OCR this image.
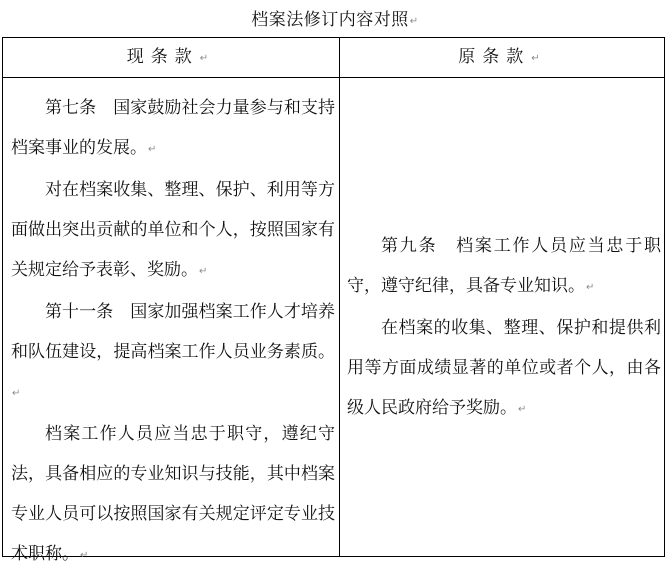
档案法修订内容对照↵
现条款↵	原条款↵

第七条　国家鼓励社会力量参与和支持档案事业的发展。↵

对在档案收集、整理、保护、利用等方面做出突出贡献的单位和个人，按照国家有关规定给予表彰、奖励。↵

第十一条　国家加强档案工作人才培养和队伍建设，提高档案工作人员业务素质。↵

档案工作人员应当忠于职守，遵纪守法，具备相应的专业知识与技能，其中档案专业人员可以按照国家有关规定评定专业技术职称。↵

第九条　档案工作人员应当忠于职守，遵守纪律，具备专业知识。↵

在档案的收集、整理、保护和提供利用等方面成绩显著的单位或者个人，由各级人民政府给予奖励。↵
